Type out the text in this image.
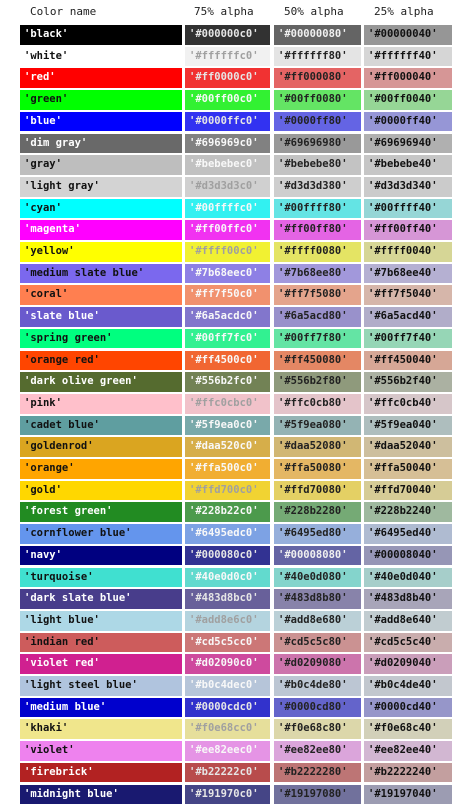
Color name	75% alpha	50% alpha	25% alpha
'black'	'#000000c0'	'#00000080'	'#00000040'
'white'	'#ffffffc0'	'#ffffff80'	'#ffffff40'
'red'	'#ff0000c0'	'#ff000080'	'#ff000040'
'green'	'#00ff00c0'	'#00ff0080'	'#00ff0040'
'blue'	'#0000ffc0'	'#0000ff80'	'#0000ff40'
'dim gray'	'#696969c0'	'#69696980'	'#69696940'
'gray'	'#bebebec0'	'#bebebe80'	'#bebebe40'
'light gray'	'#d3d3d3c0'	'#d3d3d380'	'#d3d3d340'
'cyan'	'#00ffffc0'	'#00ffff80'	'#00ffff40'
'magenta'	'#ff00ffc0'	'#ff00ff80'	'#ff00ff40'
'yellow'	'#ffff00c0'	'#ffff0080'	'#ffff0040'
'medium slate blue'	'#7b68eec0'	'#7b68ee80'	'#7b68ee40'
'coral'	'#ff7f50c0'	'#ff7f5080'	'#ff7f5040'
'slate blue'	'#6a5acdc0'	'#6a5acd80'	'#6a5acd40'
'spring green'	'#00ff7fc0'	'#00ff7f80'	'#00ff7f40'
'orange red'	'#ff4500c0'	'#ff450080'	'#ff450040'
'dark olive green'	'#556b2fc0'	'#556b2f80'	'#556b2f40'
'pink'	'#ffc0cbc0'	'#ffc0cb80'	'#ffc0cb40'
'cadet blue'	'#5f9ea0c0'	'#5f9ea080'	'#5f9ea040'
'goldenrod'	'#daa520c0'	'#daa52080'	'#daa52040'
'orange'	'#ffa500c0'	'#ffa50080'	'#ffa50040'
'gold'	'#ffd700c0'	'#ffd70080'	'#ffd70040'
'forest green'	'#228b22c0'	'#228b2280'	'#228b2240'
'cornflower blue'	'#6495edc0'	'#6495ed80'	'#6495ed40'
'navy'	'#000080c0'	'#00008080'	'#00008040'
'turquoise'	'#40e0d0c0'	'#40e0d080'	'#40e0d040'
'dark slate blue'	'#483d8bc0'	'#483d8b80'	'#483d8b40'
'light blue'	'#add8e6c0'	'#add8e680'	'#add8e640'
'indian red'	'#cd5c5cc0'	'#cd5c5c80'	'#cd5c5c40'
'violet red'	'#d02090c0'	'#d0209080'	'#d0209040'
'light steel blue'	'#b0c4dec0'	'#b0c4de80'	'#b0c4de40'
'medium blue'	'#0000cdc0'	'#0000cd80'	'#0000cd40'
'khaki'	'#f0e68cc0'	'#f0e68c80'	'#f0e68c40'
'violet'	'#ee82eec0'	'#ee82ee80'	'#ee82ee40'
'firebrick'	'#b22222c0'	'#b2222280'	'#b2222240'
'midnight blue'	'#191970c0'	'#19197080'	'#19197040'
